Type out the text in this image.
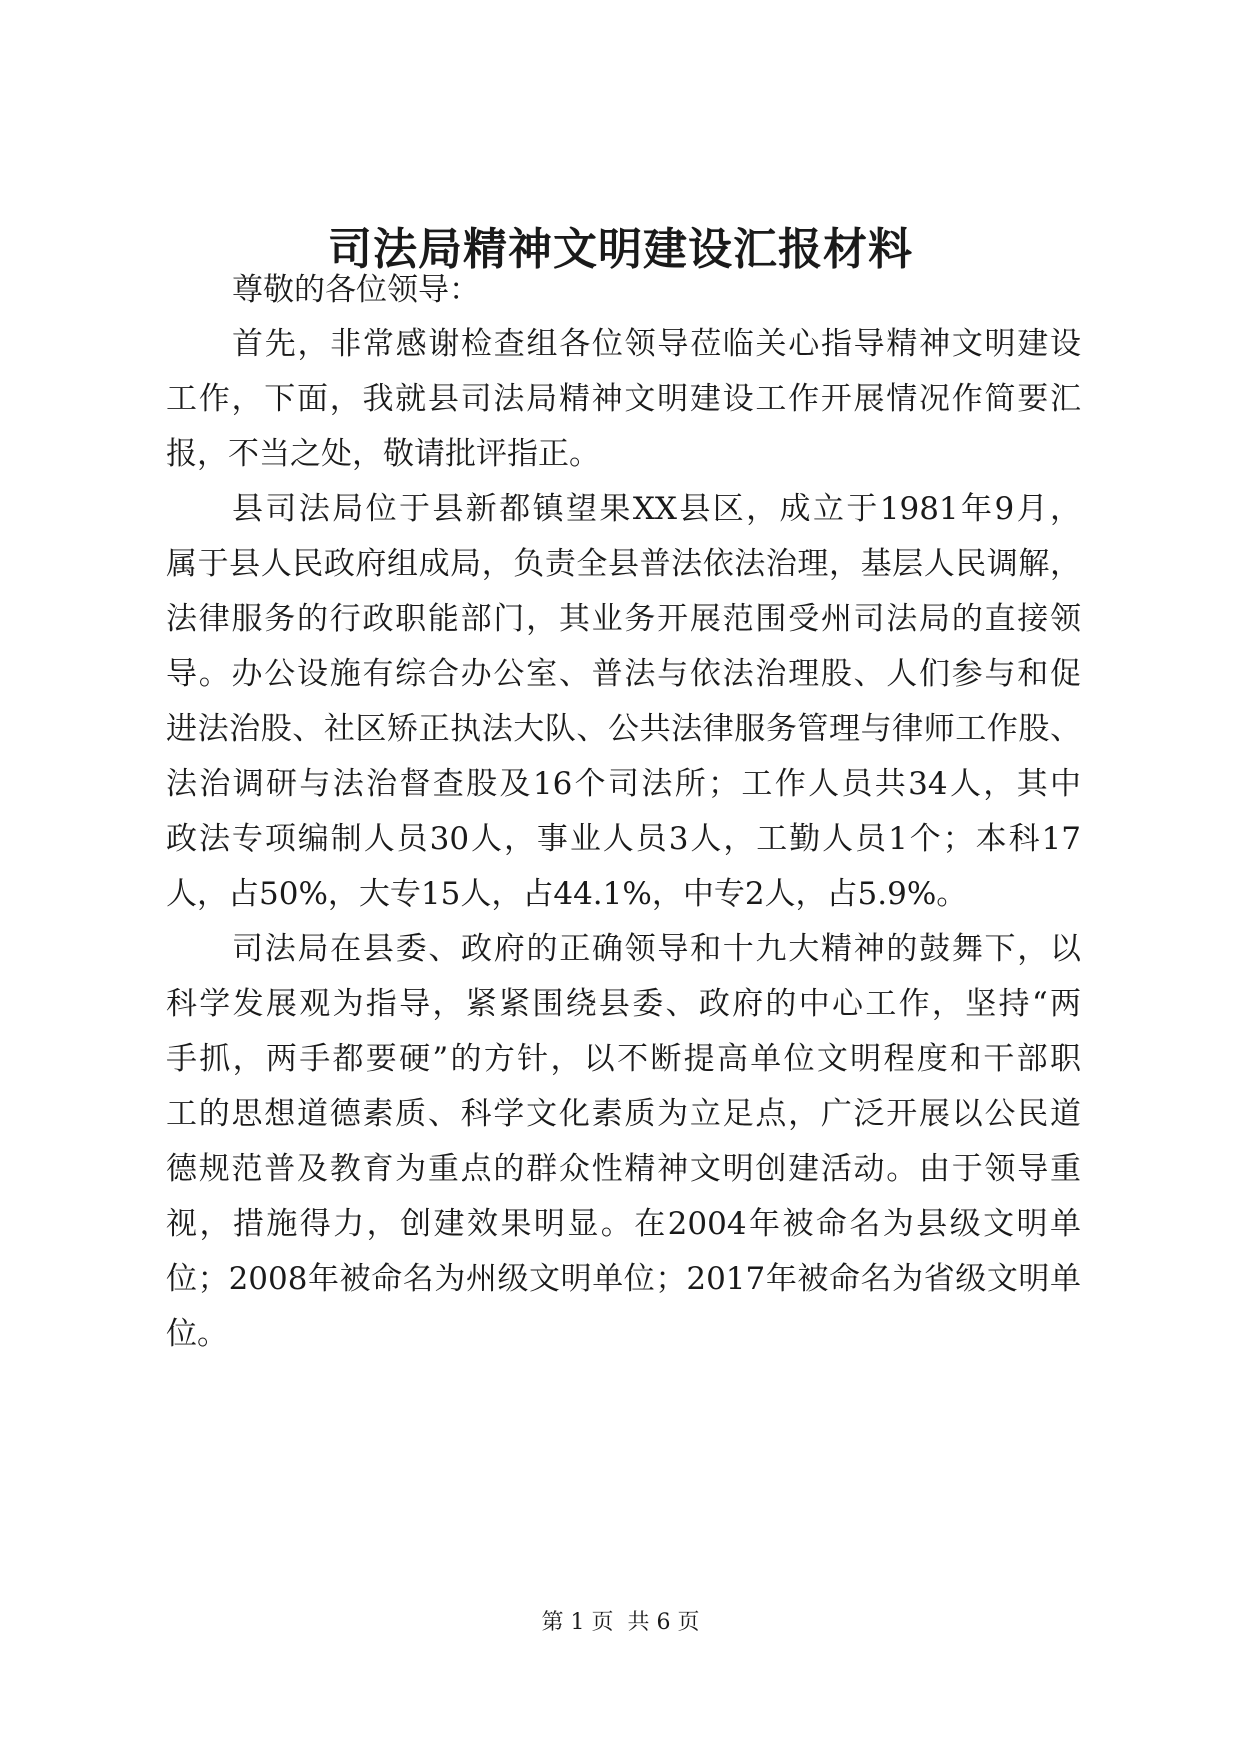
司法局精神文明建设汇报材料
尊敬的各位领导：
首先，非常感谢检查组各位领导莅临关心指导精神文明建设
工作，下面，我就县司法局精神文明建设工作开展情况作简要汇
报，不当之处，敬请批评指正。
县司法局位于县新都镇望果XX县区，成立于1981年9月，
属于县人民政府组成局，负责全县普法依法治理，基层人民调解，
法律服务的行政职能部门，其业务开展范围受州司法局的直接领
导。办公设施有综合办公室、普法与依法治理股、人们参与和促
进法治股、社区矫正执法大队、公共法律服务管理与律师工作股、
法治调研与法治督查股及16个司法所；工作人员共34人，其中
政法专项编制人员30人，事业人员3人，工勤人员1个；本科17
人，占50%，大专15人，占44.1%，中专2人，占5.9%。
司法局在县委、政府的正确领导和十九大精神的鼓舞下，以
科学发展观为指导，紧紧围绕县委、政府的中心工作，坚持“两
手抓，两手都要硬”的方针，以不断提高单位文明程度和干部职
工的思想道德素质、科学文化素质为立足点，广泛开展以公民道
德规范普及教育为重点的群众性精神文明创建活动。由于领导重
视，措施得力，创建效果明显。在2004年被命名为县级文明单
位；2008年被命名为州级文明单位；2017年被命名为省级文明单
位。
第 1 页  共 6 页
